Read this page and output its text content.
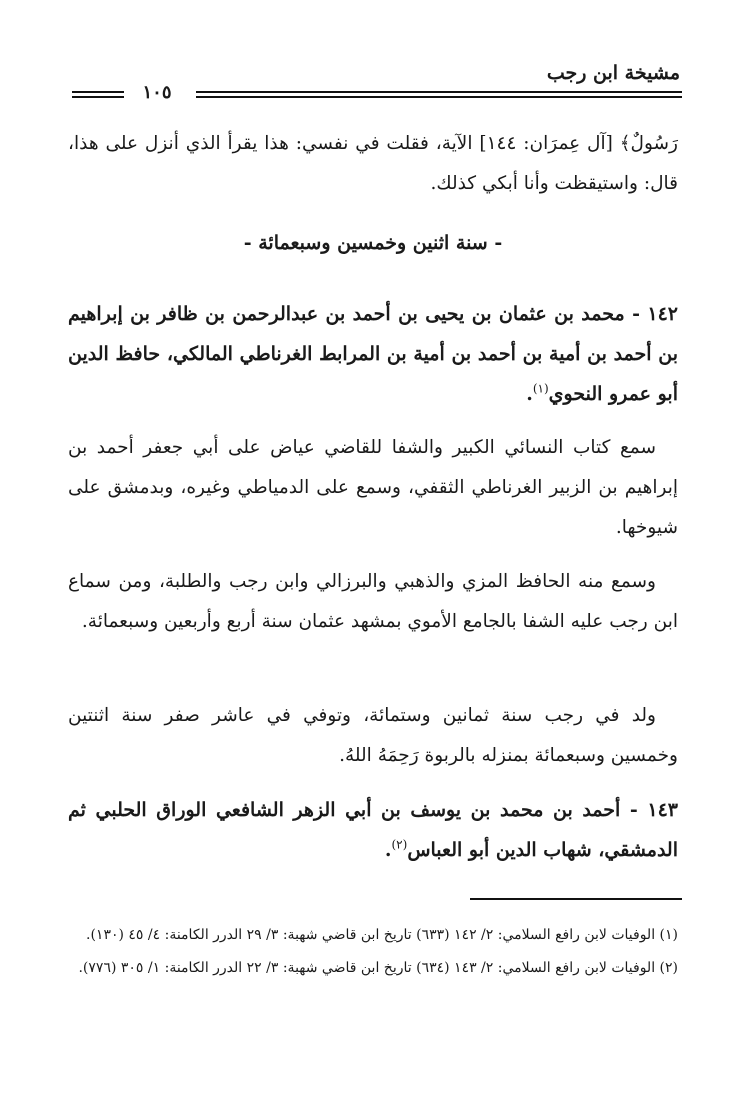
مشيخة ابن رجب
١٠٥
رَسُولٌ﴾ [آل عِمرَان: ١٤٤] الآية، فقلت في نفسي: هذا يقرأ الذي أنزل على هذا، قال: واستيقظت وأنا أبكي كذلك.
- سنة اثنين وخمسين وسبعمائة -
١٤٢ - محمد بن عثمان بن يحيى بن أحمد بن عبدالرحمن بن ظافر بن إبراهيم بن أحمد بن أمية بن أحمد بن أمية بن المرابط الغرناطي المالكي، حافظ الدين أبو عمرو النحوي$^{(١)}$.
سمع كتاب النسائي الكبير والشفا للقاضي عياض على أبي جعفر أحمد بن إبراهيم بن الزبير الغرناطي الثقفي، وسمع على الدمياطي وغيره، وبدمشق على شيوخها.
وسمع منه الحافظ المزي والذهبي والبرزالي وابن رجب والطلبة، ومن سماع ابن رجب عليه الشفا بالجامع الأموي بمشهد عثمان سنة أربع وأربعين وسبعمائة.
ولد في رجب سنة ثمانين وستمائة، وتوفي في عاشر صفر سنة اثنتين وخمسين وسبعمائة بمنزله بالربوة رَحِمَهُ اللهُ.
١٤٣ - أحمد بن محمد بن يوسف بن أبي الزهر الشافعي الوراق الحلبي ثم الدمشقي، شهاب الدين أبو العباس$^{(٢)}$.
(١) الوفيات لابن رافع السلامي: ٢/ ١٤٢ (٦٣٣) تاريخ ابن قاضي شهبة: ٣/ ٢٩ الدرر الكامنة: ٤/ ٤٥ (١٣٠).
(٢) الوفيات لابن رافع السلامي: ٢/ ١٤٣ (٦٣٤) تاريخ ابن قاضي شهبة: ٣/ ٢٢ الدرر الكامنة: ١/ ٣٠٥ (٧٧٦).
